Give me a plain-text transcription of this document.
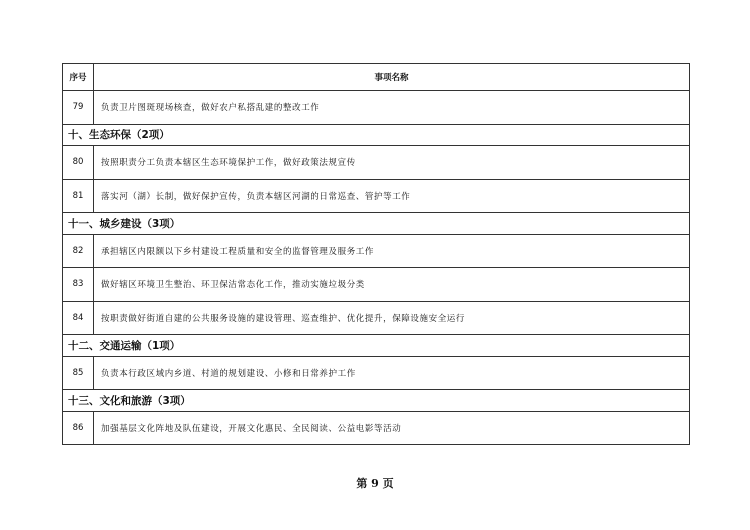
序号	事项名称
79	负责卫片图斑现场核查，做好农户私搭乱建的整改工作
十、生态环保（2项）	
80	按照职责分工负责本辖区生态环境保护工作，做好政策法规宣传
81	落实河（湖）长制，做好保护宣传，负责本辖区河湖的日常巡查、管护等工作
十一、城乡建设（3项）	
82	承担辖区内限额以下乡村建设工程质量和安全的监督管理及服务工作
83	做好辖区环境卫生整治、环卫保洁常态化工作，推动实施垃圾分类
84	按职责做好街道自建的公共服务设施的建设管理、巡查维护、优化提升，保障设施安全运行
十二、交通运输（1项）	
85	负责本行政区域内乡道、村道的规划建设、小修和日常养护工作
十三、文化和旅游（3项）	
86	加强基层文化阵地及队伍建设，开展文化惠民、全民阅读、公益电影等活动
第 9 页
